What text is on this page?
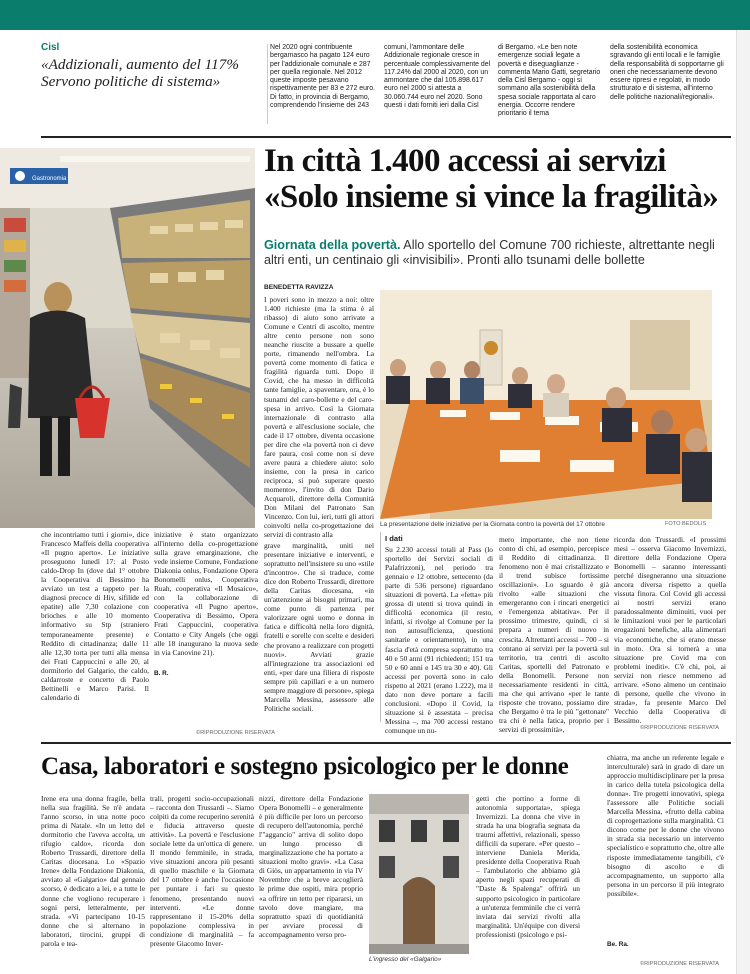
Cisl
«Addizionali, aumento del 117% Servono politiche di sistema»
Nel 2020 ogni contribuente bergamasco ha pagato 124 euro per l'addizionale comunale e 287 per quella regionale. Nel 2012 queste imposte pesavano rispettivamente per 83 e 272 euro. Di fatto, in provincia di Bergamo, comprendendo l'insieme dei 243
comuni, l'ammontare delle Addizionale regionale cresce in percentuale complessivamente del 117.24% dal 2000 al 2020, con un ammontare che dal 105.898.617 euro nel 2000 si attesta a 30.060.744 euro nel 2020. Sono questi i dati forniti ieri dalla Cisl
di Bergamo. «Le ben note emergenze sociali legate a povertà e diseguaglianze - commenta Mario Gatti, segretario della Cisl Bergamo - oggi si sommano alla sostenibilità della spesa sociale rapportata al caro energia. Occorre rendere prioritario il tema
della sostenibilità economica sgravando gli enti locali e le famiglie della responsabilità di sopportarne gli oneri che necessariamente devono essere ripresi e regolati, in modo strutturato e di sistema, all'interno delle politiche nazionali/regionali».
Gastronomia	In città 1.400 accessi ai servizi
«Solo insieme si vince la fragilità»
Giornata della povertà. Allo sportello del Comune 700 richieste, altrettante negli altri enti, un centinaio gli «invisibili». Pronti allo tsunami delle bollette
BENEDETTA RAVIZZA
I poveri sono in mezzo a noi: oltre 1.400 richieste (ma la stima è al ribasso) di aiuto sono arrivate a Comune e Centri di ascolto, mentre altre cento persone non sono neanche riuscite a bussare a quelle porte, rimanendo nell'ombra. La povertà come momento di fatica e fragilità riguarda tutti. Dopo il Covid, che ha messo in difficoltà tante famiglie, a spaventare, ora, è lo tsunami del caro-bollette e del caro-spesa in arrivo. Così la Giornata internazionale di contrasto alla povertà e all'esclusione sociale, che cade il 17 ottobre, diventa occasione per dire che «la povertà non ci deve fare paura, così come non si deve avere paura a chiedere aiuto: solo insieme, con la presa in carico reciproca, si può superare questo momento», l'invito di don Dario Acquaroli, direttore della Comunità Don Milani del Patronato San Vincenzo. Con lui, ieri, tutti gli attori coinvolti nella co-progettazione dei servizi di contrasto alla
La presentazione delle iniziative per la Giornata contro la povertà del 17 ottobre	FOTO BEDOLIS
grave marginalità, uniti nel presentare iniziative e interventi, e soprattutto nell'insistere su uno «stile d'incontro». Che si traduce, come dice don Roberto Trussardi, direttore della Caritas diocesana, «in un'attenzione ai bisogni primari, ma come punto di partenza per valorizzare ogni uomo e donna in fatica e difficoltà nella loro dignità, fratelli e sorelle con scelte e desideri che provano a realizzare con progetti nuovi». Avviati grazie all'integrazione tra associazioni ed enti, «per dare una filiera di risposte sempre più capillari e a un numero sempre maggiore di persone», spiega Marcella Messina, assessore alle Politiche sociali.
I dati
Su 2.230 accessi totali al Pass (lo sportello dei Servizi sociali di Palafrizzoni), nel periodo tra gennaio e 12 ottobre, settecento (da parte di 536 persone) riguardano situazioni di povertà. La «fetta» più grossa di utenti si trova quindi in difficoltà economica (il resto, infatti, si rivolge al Comune per la non autosufficienza, questioni sanitarie e orientamento), in una fascia d'età compresa soprattutto tra 40 e 50 anni (91 richiedenti; 151 tra 50 e 60 anni e 145 tra 30 e 40). Gli accessi per povertà sono in calo rispetto al 2021 (erano 1.222), ma il dato non deve portare a facili conclusioni. «Dopo il Covid, la situazione si è assestata – precisa Messina –, ma 700 accessi restano comunque un nu-
mero importante, che non tiene conto di chi, ad esempio, percepisce il Reddito di cittadinanza. Il fenomeno non è mai cristallizzato e il trend subisce fortissime oscillazioni». Lo sguardo è già rivolto «alle situazioni che emergeranno con i rincari energetici e l'emergenza abitativa». Per il prossimo trimestre, quindi, ci si prepara a numeri di nuovo in crescita. Altrettanti accessi – 700 – si contano ai servizi per la povertà sul territorio, tra centri di ascolto Caritas, sportelli del Patronato e della Bonomelli. Persone non necessariamente residenti in città, ma che qui arrivano «per le tante risposte che trovano, possiamo dire che Bergamo è tra le più "gettonate" tra chi è nella fatica, proprio per i servizi di prossimità»,
ricorda don Trussardi. «I prossimi mesi – osserva Giacomo Invernizzi, direttore della Fondazione Opera Bonomelli – saranno interessanti perché disegneranno una situazione ancora diversa rispetto a quella vissuta finora. Col Covid gli accessi ai nostri servizi erano paradossalmente diminuiti, vuoi per le limitazioni vuoi per le particolari erogazioni benefiche, alla alimentari via economiche, che si erano messe in moto. Ora si tornerà a una situazione pre Covid ma con problemi inediti». C'è chi, poi, ai servizi non riesce nemmeno ad arrivare. «Sono almeno un centinaio di persone, quelle che vivono in strada», fa presente Marco Del Vecchio della Cooperativa di Bessimo.
©RIPRODUZIONE RISERVATA
che incontriamo tutti i giorni», dice Francesco Maffeis della cooperativa «Il pugno aperto». Le iniziative proseguono lunedì 17: al Posto caldo-Drop In (dove dal 1° ottobre la Cooperativa di Bessimo ha avviato un test a tappeto per la diagnosi precoce di Hiv, sifilide ed epatite) alle 7,30 colazione con brioches e alle 10 momento informativo su Stp (straniero temporaneamente presente) e Reddito di cittadinanza; dalle 11 alle 12,30 torta per tutti alla mensa dei Frati Cappuccini e alle 20, al dormitorio del Galgario, the caldo, caldarroste e concerto di Paolo Bettinelli e Marco Parisi. Il calendario di
iniziative è stato organizzato all'interno della co-progettazione sulla grave emarginazione, che vede insieme Comune, Fondazione Diakonia onlus, Fondazione Opera Bonomelli onlus, Cooperativa Ruah, cooperativa «Il Mosaico», con la collaborazione di cooperativa «Il Pugno aperto», Cooperativa di Bessimo, Opera Frati Cappuccini, cooperativa Contatto e City Angels (che oggi alle 18 inaugurano la nuova sede in via Canovine 21).
B. R.
©RIPRODUZIONE RISERVATA
Casa, laboratori e sostegno psicologico per le donne
Irene era una donna fragile, bella nella sua fragilità. Se n'è andata l'anno scorso, in una notte poco prima di Natale. «In un letto del dormitorio che l'aveva accolta, un rifugio caldo», ricorda don Roberto Trussardi, direttore della Caritas diocesana. Lo «Spazio Irene» della Fondazione Diakonia, avviato al «Galgario» dal gennaio scorso, è dedicato a lei, e a tutte le donne che vogliono recuperare i sogni persi, letteralmente, per strada. «Vi partecipano 10-15 donne che si alternano in laboratori, tirocini, gruppi di parola e tea-
trali, progetti socio-occupazionali – racconta don Trussardi –. Siamo colpiti da come recuperino serenità e fiducia attraverso queste attività». La povertà e l'esclusione sociale lette da un'ottica di genere. Il mondo femminile, in strada, vive situazioni ancora più pesanti di quello maschile e la Giornata del 17 ottobre è anche l'occasione per puntare i fari su questo fenomeno, presentando nuovi interventi. «Le donne rappresentano il 15-20% della popolazione complessiva in condizione di marginalità – fa presente Giacomo Inver-
nizzi, direttore della Fondazione Opera Bonomelli – e generalmente è più difficile per loro un percorso di recupero dell'autonomia, perché l'"aggancio" arriva di solito dopo un lungo processo di marginalizzazione che ha portato a situazioni molto gravi». «La Casa di Giòs, un appartamento in via IV Novembre che a breve accoglierà le prime due ospiti, mira proprio «a offrire un tetto per ripararsi, un tavolo dove mangiare, ma soprattutto spazi di quotidianità per avviare processi di accompagnamento verso pro-
L'ingresso del «Galgario»
getti che portino a forme di autonomia supportata», spiega Invernizzi. La donna che vive in strada ha una biografia segnata da traumi affettivi, relazionali, spesso difficili da superare. «Per questo – interviene Daniela Merida, presidente della Cooperativa Ruah – l'ambulatorio che abbiamo già aperto negli spazi recuperati di "Daste & Spalenga" offrirà un supporto psicologico in particolare a un'utenza femminile che ci verrà inviata dai servizi rivolti alla marginalità. Un'équipe con diversi professionisti (psicologo e psi-
chiatra, ma anche un referente legale e interculturale) sarà in grado di dare un approccio multidisciplinare per la presa in carico della tutela psicologica della donna». Tre progetti innovativi, spiega l'assessore alle Politiche sociali Marcella Messina, «frutto della cabina di coprogettazione sulla marginalità. Ci dicono come per le donne che vivono in strada sia necessario un intervento specialistico e soprattutto che, oltre alle risposte immediatamente tangibili, c'è bisogno di ascolto e di accompagnamento, un supporto alla persona in un percorso il più integrato possibile».
Be. Ra.
©RIPRODUZIONE RISERVATA
